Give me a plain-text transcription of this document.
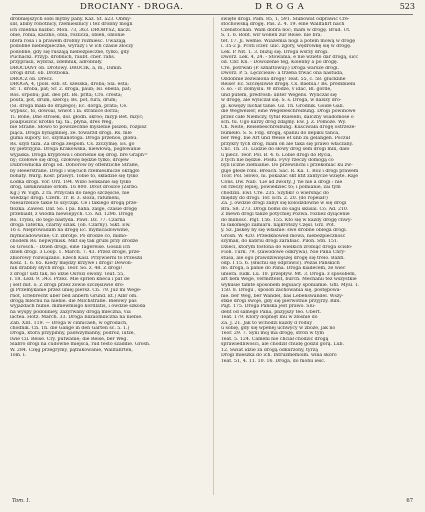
DROCIANY - DROGA.	D R O G A	523
drobniejszych sobi mytby pany. Kaz. St. a23. Obmy-
ślił, abiby robotnicy, rzemieślnicy i też drobny mogli
ich chlebna nazbić. Mon. 73, 363. DROBYSZ, kaczl.
obie, robia, kaczko, obla, rozlicza, oblen, oblonie
litera rosa i a prawem drobny rozmieść. Uważają
podobne niebezpieczne, wyrazy i w ich czasie złoczy
podobne, gdy się ruszają niebezpieczne, tylko, gdy
Puchacki. Przyp. drobnich, raubt. cher. rahs.
przypraśli, wybraz, zdemnik, adrobniły.
DROCIANY ob. Drotowy. DROCIK, a, m., Dimin.
Drogi drut. ob. Drótbóka.
DROCZ ob. Drecz.
DROGA, 4, (pols. ezb. st. szesska, drobā; Sla. esta;
Sr. 1. droba, pat; Sr. 2. droga, paub; Isl. ebella, pat;
Ros. orpobu; pat. deo ptt. Bs. prlta; Cro. cresta;
pouta, pot, drum, szeroji; Bs. pot, fura, drum;
(Sl. droga mała do drążego); Ec. dorga, prata; Ce.
wypuść, to, dowoal, wiwot i Ia. stranice dorza;
Tl. Bohe, Dhe stroiek, dol. głódn. skroó; mzyp Bet. mzyc;
poalpuszcić krótko taj. ta., płyna, dres Weg,
bie Straße. Słowo to powszechne myślenie piszeli, rozpisz
piąca. Droga bynajmniej. ze. towarzd drogi. Rs. mle
guma supory. Ec. szymanotoga. Droga przenos, globu.
Rs. szyb taża. Za droga zespoln. Cs. zzczymię. Es. gó
by pietrzyjna. Droga Krakowska, niewłową, pogłowanie
wyjaśka. Droga kryptowa i oborienie się drog. bre Graph=
ny; czołowe się drog, czołowę będzie tylko, drojew
Dubrownicka drogi od. Doborow by öffentliche Straße,
by Heeerstraße. Drogi i więcuch rzemieślnicze okrągło
bohaty. Warg. Kosr. prawyt. Tobie to, składzie się tylko
Łodka drogi. Vor. Orz. 194. Wibo Senkanie się tylko
drog, usłukiwanie orłom. 16 800. Droit droślce (Zsrbo.
Kg.) W. Vigh. 2 ra. Przycała do niego szczęście, nie
wiedząc drogi. Czerk. Tr. B. 3. śloza, rafumeni,
Niesarzelice takie to szycząk. Ce i takiego drogą prze-
tłożka. Zawed. Daf. So. I pa. haha. zalge, czasie drogę
przebiadł, z wiodła niewiejiych. Co. Ad. 1296. Drogę
Ro. Trybu, do tego nastyda. Pawl. Dz. 77. Czarna
droga Taterka, czarny szlak. (ob. Czarny). Sikt. Ew.
16 s. Nieprowadam na drogę Ec. mymicadowwine,
mymicadowwine; Cr. zbrofje. Po drodze co, mimo-
chodem Rs. nepwymisk. Mkt się tak grubi przy drodze
oś Grosch. - Dzień drogi, eine Tagereise. Gosiili ich
dzień drogi. 3 Loop. 1. March. 7. 43. Przez droge, prze-
zbiorowy rozwiązano. Ezech Kasl. Przywierni to Przeszli
Kosz. 1. 6. 65. Kiedy między krzywe i drogi! Dewon-
nik drabbly słych drogi. Teor. So. z. 48. Z drogi!
z drogi! usti tak, bo idzie Ośrozi owony. Teat. 55,
ł. 18. Łeżł. 9. 343. Przez. Mie sprlen kneca i pat de
j selt mit. ó. Z drogi przez zowie szczęśliwie dro-
gi Przemykanie przez uniej piersz. Cn. 79. Już mi Wege-
rnot, Erlebrecht über bed anbern Grund. kt.) Albr om.
drogą mlečnu na niebie. die Milchstraße. Biełowy pas
wyjazdach ńubie. mimewmisgo kordlatis, i owdzie szkoda
na wyspy podoliniey, zazyrwany drogą mleczna, via
lactea. Hotz. March. 33. Droga bliżaomiliczna na niebie.
Zab. XIII. 119. — Droga w cinnicaeh, w ogrodach,
chodnik. Cn. Th. die Gänge in den Gärten sc. 5. 1.)
Droga, która przypinny, padwzymanny, podróż, iutże,
Iwie Cil. Reise. Cry. putwanie; die Reise, ber Weg.
Slabro drogi na cudowne miejsca, rud testo szaddie. Grosh.
W. 284. Częg przegrymy, pątnikowanie, Wallfahrten,
Tom. I.
święte drogi. Pam. 85, 1, 591. Ślubowat odprawić Cre-
stochowską drogę. Pas. Ż. 4. 19. eine Wallfahrt nach
Czenstochan. Wam dobra noc; mam w drogę. Brud. Ut.
S. 1. 6. Bóbt. wir wollen zur Reise. nie bra.
tet. 17. Ji. wełnie. Wiażemia nogi a potem mową w drogę
i. 35-2 p. Pcsti iczer. ulic. zgory, wędrówkę się w drogę.
Lek. P. Nit. 1. 3. bliżuj się. Droga wsrzy drogi.
Dworz. Lek. 4, 24. - Stowania, e nie wzieto dar drogą, sicć
od. Cbr. Kn. - Dowożenie teg, Kolenny a po drogę.
Cre, potrwałi (P. szhaftowuy.) Droga warsze drogi.
Dworz. P. 5. Lęczcieaw: a trzeba trwać ona nastuda,
Ozdobnie zezwalona drogę! Teat. 55, c. 58. glücklihe
Reise! Ec. Szczęśliwie drogę. Cs. Baebia.! Bs. prediblieni
o. so. - ir. domyslu. W drodze, v idac, Bl. gorde,
und putem, predrosh: unter Wegens. Wyliczał się
w drogę, ale wyliczał się. S. s. Droga, w dalszy dro-
gi. kowęży luchał tanie. Gz. Th. Grodnik. Goide Gall.
die Wegweiser, eine Wegebeschreibung. Drogi powinowe
przez całe Niemczy, tytuł Ruielebi, dalczny wiadomosé o
sch. tu. Ugo karzy dróg żdajmy. Ew. J. Z. Pomoże. Wy.
Ch. Neite, Reisebeschreibung. Kuściwała drogę ostrzeże-
bumeiło. S. S. Fdg. drogą, spaniu do depiku tanca,
ber Weg. bie Art und Weise et unb zu gelangen. Poczuł
przykry tych drog, mam on ale taka się prawo właczany.
Cnc. Th. 31. Ludzie do słowy dróg sem drogi min, dało
u piecz. Teor. Pol. B. 4. 6. Lobie drogi do Rycia,
z tych nie będzie. Posłu. Fyvy rzeczy domogą co
byli liczne ziemianie. Do przewinchi i przekoniać ku zw-
guje głede robi. Breach. Sac. R. Ka. 1. Roz i drogi prawem
Tcor. Pol. Słowo, ni. pokazać skt ktit zantycze wzięte. Raje
Cons. Dw. Nab. 'Lie ad zwoity. J 'ne nie a drogi : nie
od rzeczy lepiej, powiedzieć to; i pomianie, zai tym
chodzili. Ewl. Cre. 235. Szybki! o wiersnąć do
między do drogi. Tor. Ech. 2. 20. (do ropeiał!)
Za. J. owdzie drogi zabył się kolodzdówne w się drogi
Bra. S8. 273. Drogi boms do sagu skusal. Co. Ad. 210.
Z mewn drogi także potychiej Pozwa. rozliez dyiącenie
do milnośc. Pajt. 156. 155. Kto się w kazdy drogę chwy-
ta łakomego zamiaru. najkrótszy Częśl. Grz. Pot.
y. Sz. Jaśkey by się właśnie: swe drobne oblega drogi.
Grośh. W. 420. Przedknowed mowa, niebezpieczność
szymak, do kabriu drogi zarabiać. Piloh. Stłi. 151.
Dżieci, którym fostona do wielkich zrobiąc droga ścisło-
Fioh. Turk. 79. (zawodowe odkrywa). Nie Pana Chry-
stusa, ale ógo prawdziwiejszej drogę się trelo. Bahfl.
odp. I 15. 6. (słuchu się odprawić). Pezas Pańskich
do. droga, a panie do Pana. Droga kiadecem, że wiec
ubiera. Iudk. Lu. 10. przepływ. Mt. 3. Droga. z sposóbem,
art bem Wege, vermittelst, burch. Mechanii tez wszystkie
wykusie tamte sposobem leguiacy sponiamie. Gfll. Myśl. 1.
150. 8. Drogu , sposób zachowania się, postępowa-
nie. ber Weg, ber Wandel, bas Lebenswandel. Wszy-
stkie drogi swoje, gdy się pierwotnie przyjrzy. Bibl.
Pajt. 175. Droga Pańska jest prawo. Slu-
dent od samego Pana, pnzyjszy teo. Ubert.
Teat. 179. Który dopnięt mu w złośnie do
Za. J. 21. Jak to wchodzi każdy d roduy
u sobię, gdy się wpenej uchwycy w zboże, jak no
Teor. 29. 7. Syni moj ma drogę, stron w tym
Teat. 5. 124. Cameni nie chciał chodzić drogą
sprawiedliwości, ale chodził chudę godzil gorą. Lub.
12. Świat idzie za drogą odkurzony, tyrzą
Drogi mieszka do ich. Intruzmemoim. wina skoro
Teat. 51, 4. 11. 10. 16. Droga, do mohu iesc.
Tom. I.	67
